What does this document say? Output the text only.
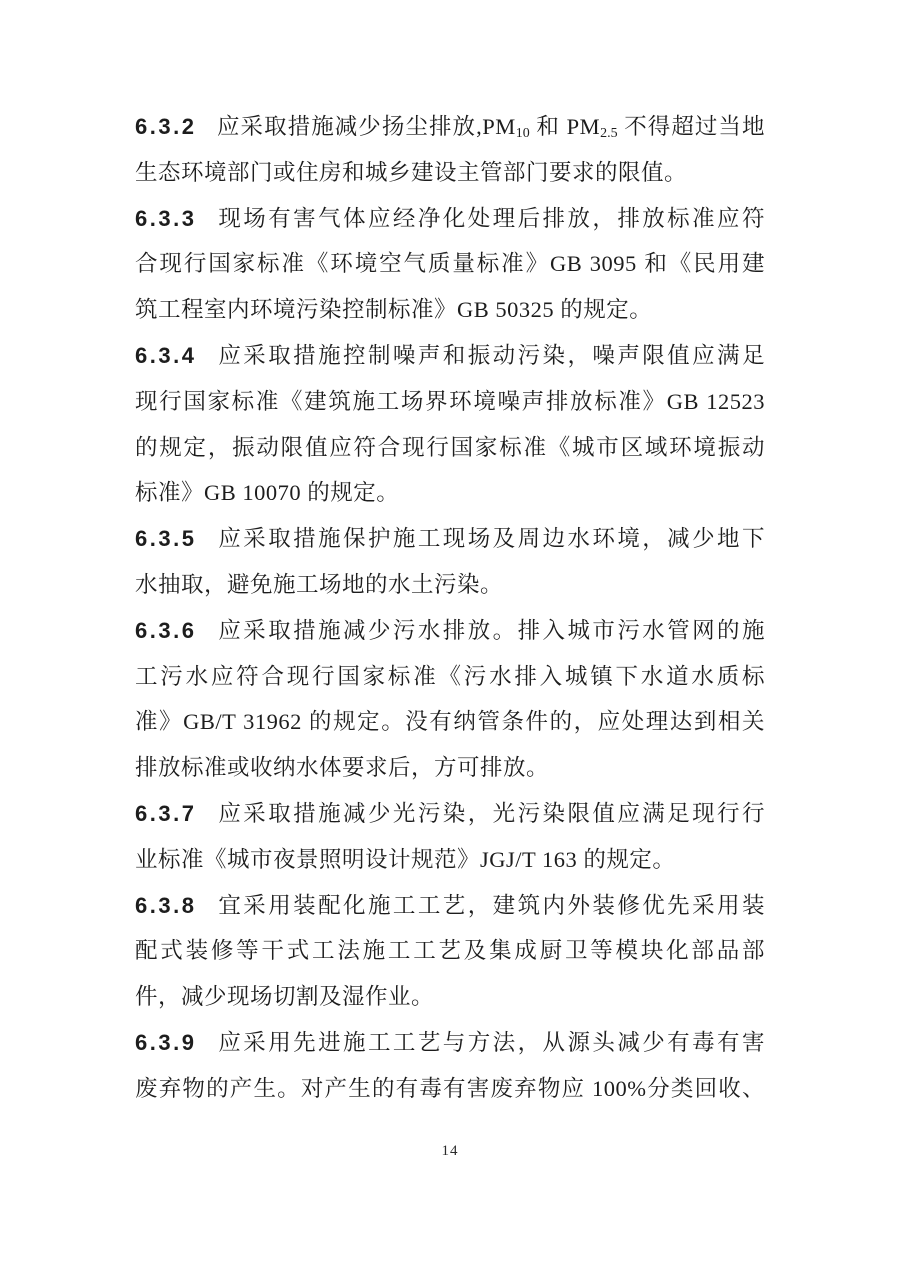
6.3.2 应采取措施减少扬尘排放$,PM_{10}$ 和 $PM_{2.5}$ 不得超过当地
生态环境部门或住房和城乡建设主管部门要求的限值。
6.3.3 现场有害气体应经净化处理后排放，排放标准应符
合现行国家标准《环境空气质量标准》GB 3095 和《民用建
筑工程室内环境污染控制标准》GB 50325 的规定。
6.3.4 应采取措施控制噪声和振动污染，噪声限值应满足
现行国家标准《建筑施工场界环境噪声排放标准》GB 12523
的规定，振动限值应符合现行国家标准《城市区域环境振动
标准》GB 10070 的规定。
6.3.5 应采取措施保护施工现场及周边水环境，减少地下
水抽取，避免施工场地的水土污染。
6.3.6 应采取措施减少污水排放。排入城市污水管网的施
工污水应符合现行国家标准《污水排入城镇下水道水质标
准》GB/T 31962 的规定。没有纳管条件的，应处理达到相关
排放标准或收纳水体要求后，方可排放。
6.3.7 应采取措施减少光污染，光污染限值应满足现行行
业标准《城市夜景照明设计规范》JGJ/T 163 的规定。
6.3.8 宜采用装配化施工工艺，建筑内外装修优先采用装
配式装修等干式工法施工工艺及集成厨卫等模块化部品部
件，减少现场切割及湿作业。
6.3.9 应采用先进施工工艺与方法，从源头减少有毒有害
废弃物的产生。对产生的有毒有害废弃物应 100%分类回收、
14
